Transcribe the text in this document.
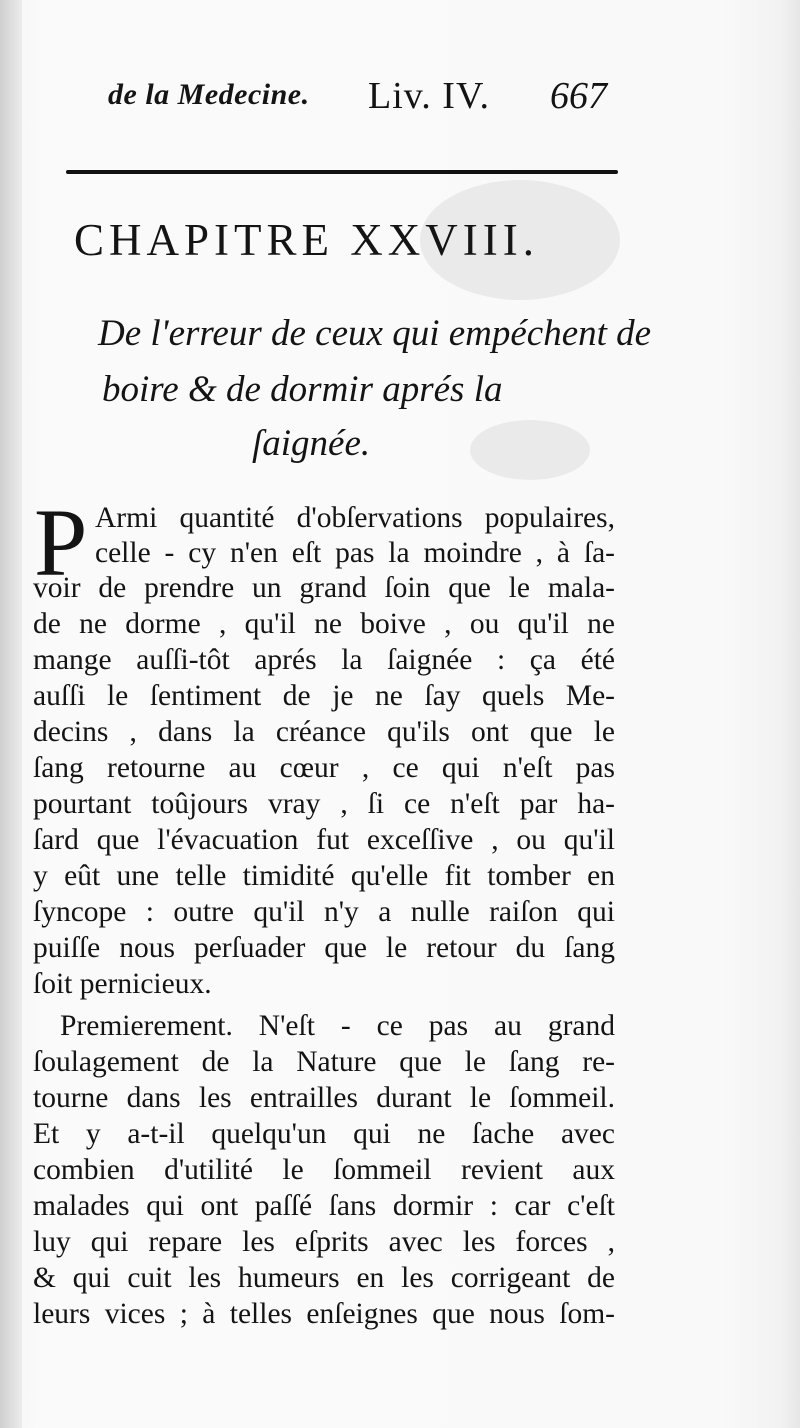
de la Medecine. Liv. IV. 667
CHAPITRE XXVIII.
De l'erreur de ceux qui empéchent de
boire & de dormir aprés la
ſaignée.
P Armi quantité d'obſervations populaires,
celle - cy n'en eſt pas la moindre , à ſa-
voir de prendre un grand ſoin que le mala-
de ne dorme , qu'il ne boive , ou qu'il ne
mange auſſi-tôt aprés la ſaignée : ça été
auſſi le ſentiment de je ne ſay quels Me-
decins , dans la créance qu'ils ont que le
ſang retourne au cœur , ce qui n'eſt pas
pourtant toûjours vray , ſi ce n'eſt par ha-
ſard que l'évacuation fut exceſſive , ou qu'il
y eût une telle timidité qu'elle fit tomber en
ſyncope : outre qu'il n'y a nulle raiſon qui
puiſſe nous perſuader que le retour du ſang
ſoit pernicieux.
Premierement. N'eſt - ce pas au grand
ſoulagement de la Nature que le ſang re-
tourne dans les entrailles durant le ſommeil.
Et y a-t-il quelqu'un qui ne ſache avec
combien d'utilité le ſommeil revient aux
malades qui ont paſſé ſans dormir : car c'eſt
luy qui repare les eſprits avec les forces ,
& qui cuit les humeurs en les corrigeant de
leurs vices ; à telles enſeignes que nous ſom-
